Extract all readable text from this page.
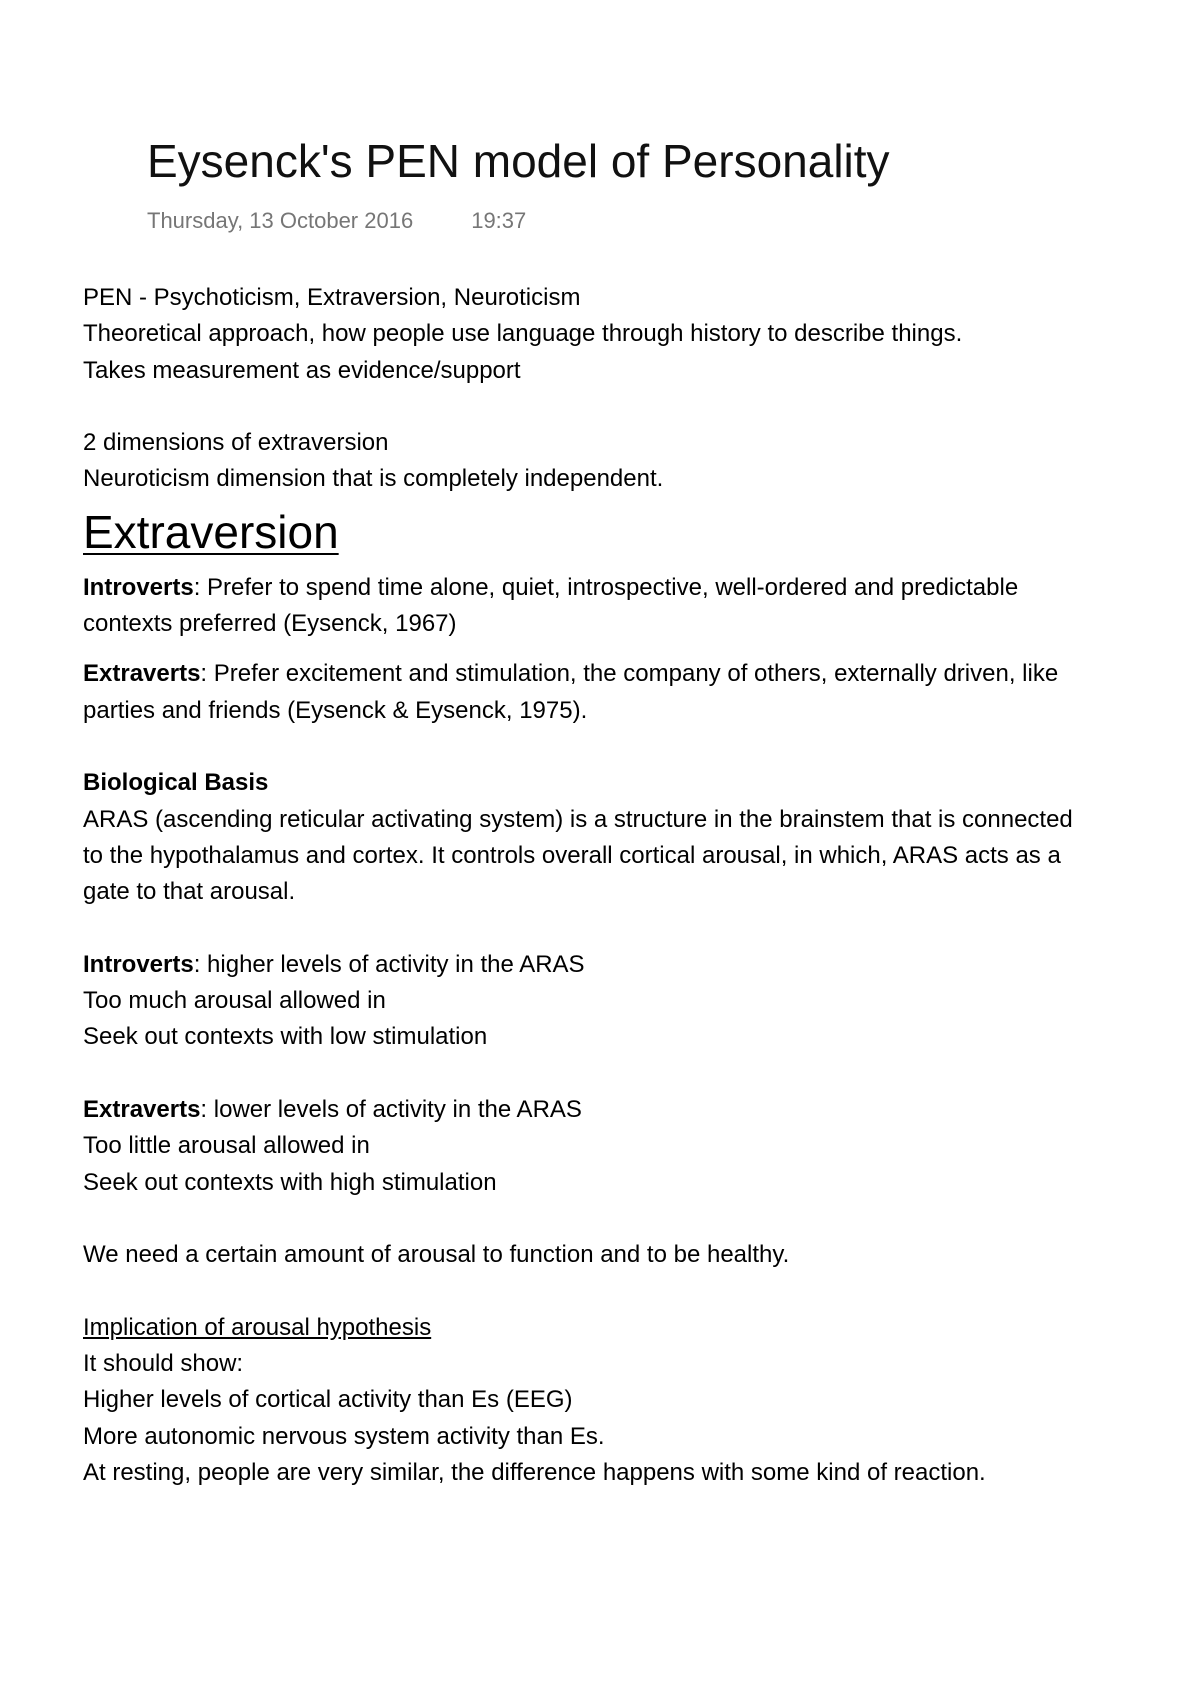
Eysenck's PEN model of Personality
Thursday, 13 October 2016	19:37

PEN - Psychoticism, Extraversion, Neuroticism

Theoretical approach, how people use language through history to describe things.

Takes measurement as evidence/support

2 dimensions of extraversion

Neuroticism dimension that is completely independent.

Extraversion

Introverts: Prefer to spend time alone, quiet, introspective, well-ordered and predictable contexts preferred (Eysenck, 1967)

Extraverts: Prefer excitement and stimulation, the company of others, externally driven, like parties and friends (Eysenck & Eysenck, 1975).

Biological Basis

ARAS (ascending reticular activating system) is a structure in the brainstem that is connected to the hypothalamus and cortex. It controls overall cortical arousal, in which, ARAS acts as a gate to that arousal.

Introverts: higher levels of activity in the ARAS

Too much arousal allowed in

Seek out contexts with low stimulation

Extraverts: lower levels of activity in the ARAS

Too little arousal allowed in

Seek out contexts with high stimulation

We need a certain amount of arousal to function and to be healthy.

Implication of arousal hypothesis

It should show:

Higher levels of cortical activity than Es (EEG)

More autonomic nervous system activity than Es.

At resting, people are very similar, the difference happens with some kind of reaction.
